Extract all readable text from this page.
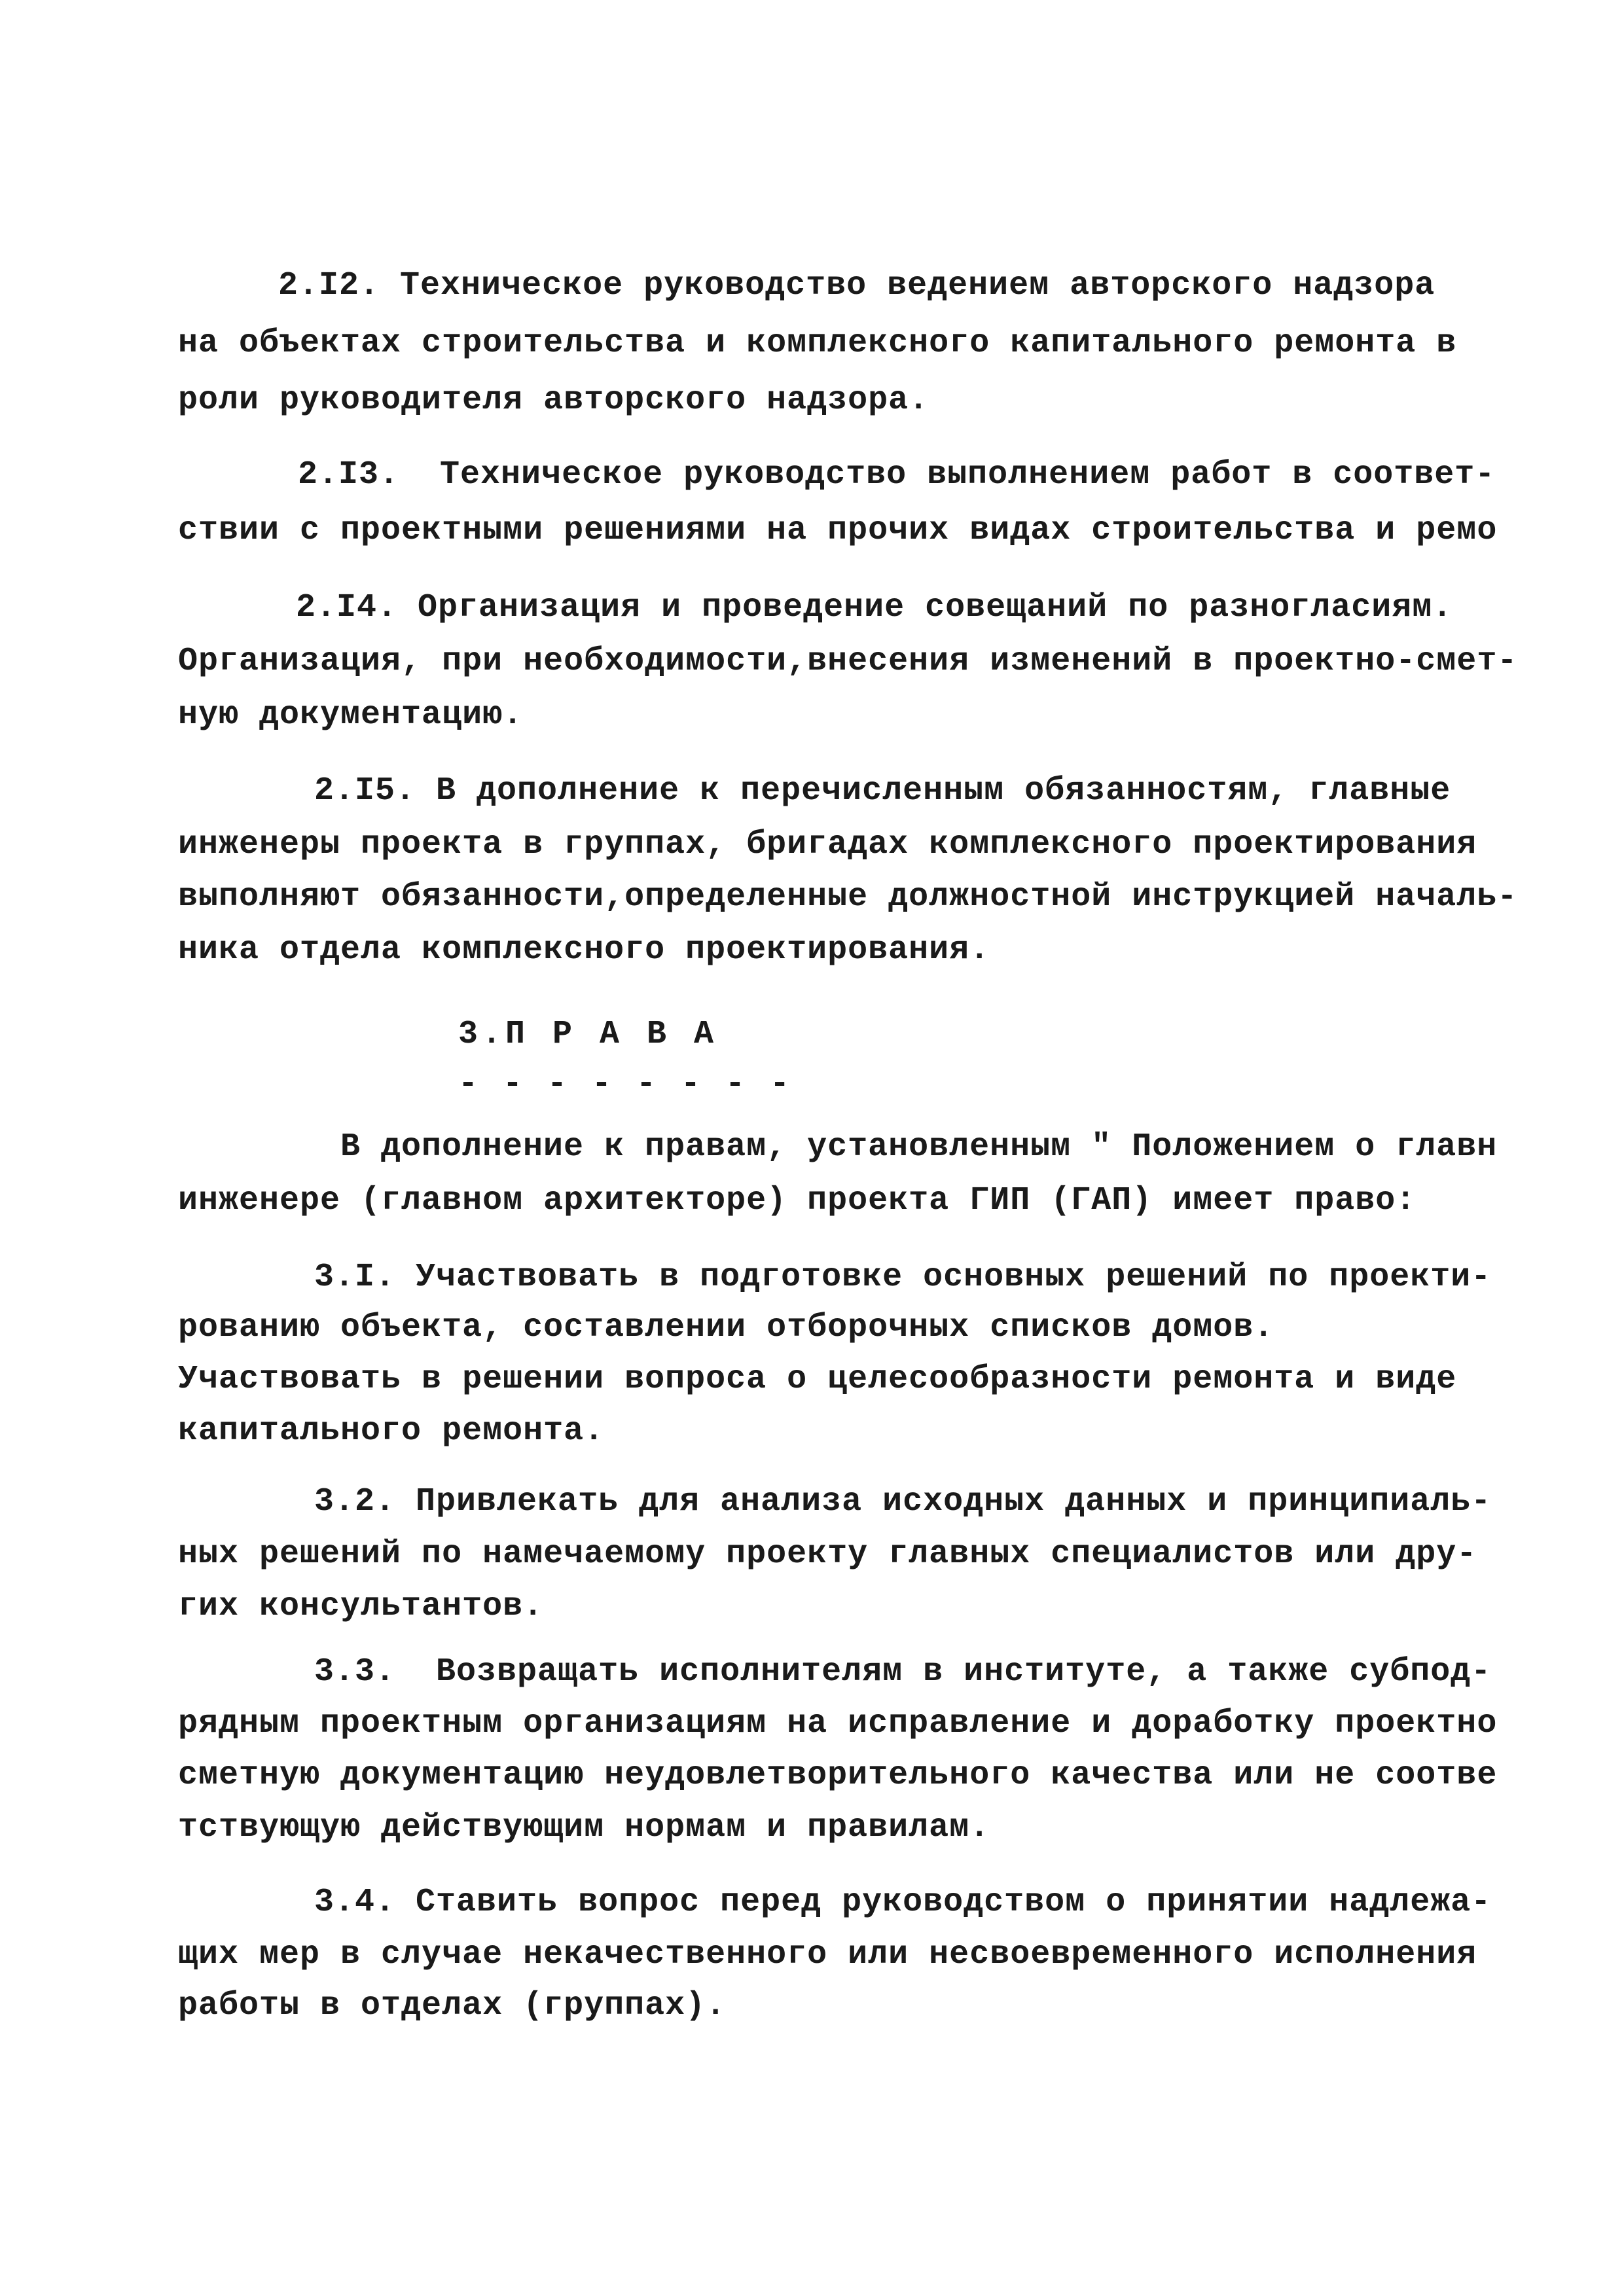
2.I2. Техническое руководство ведением авторского надзора
на объектах строительства и комплексного капитального ремонта в
роли руководителя авторского надзора.
2.I3.  Техническое руководство выполнением работ в соответ-
ствии с проектными решениями на прочих видах строительства и ремо
2.I4. Организация и проведение совещаний по разногласиям.
Организация, при необходимости,внесения изменений в проектно-смет-
ную документацию.
2.I5. В дополнение к перечисленным обязанностям, главные
инженеры проекта в группах, бригадах комплексного проектирования
выполняют обязанности,определенные должностной инструкцией началь-
ника отдела комплексного проектирования.
3.П Р А В А
- - - - - - - -
В дополнение к правам, установленным " Положением о главн
инженере (главном архитекторе) проекта ГИП (ГАП) имеет право:
3.I. Участвовать в подготовке основных решений по проекти-
рованию объекта, составлении отборочных списков домов.
Участвовать в решении вопроса о целесообразности ремонта и виде
капитального ремонта.
3.2. Привлекать для анализа исходных данных и принципиаль-
ных решений по намечаемому проекту главных специалистов или дру-
гих консультантов.
3.3.  Возвращать исполнителям в институте, а также субпод-
рядным проектным организациям на исправление и доработку проектно
сметную документацию неудовлетворительного качества или не соотве
тствующую действующим нормам и правилам.
3.4. Ставить вопрос перед руководством о принятии надлежа-
щих мер в случае некачественного или несвоевременного исполнения
работы в отделах (группах).
